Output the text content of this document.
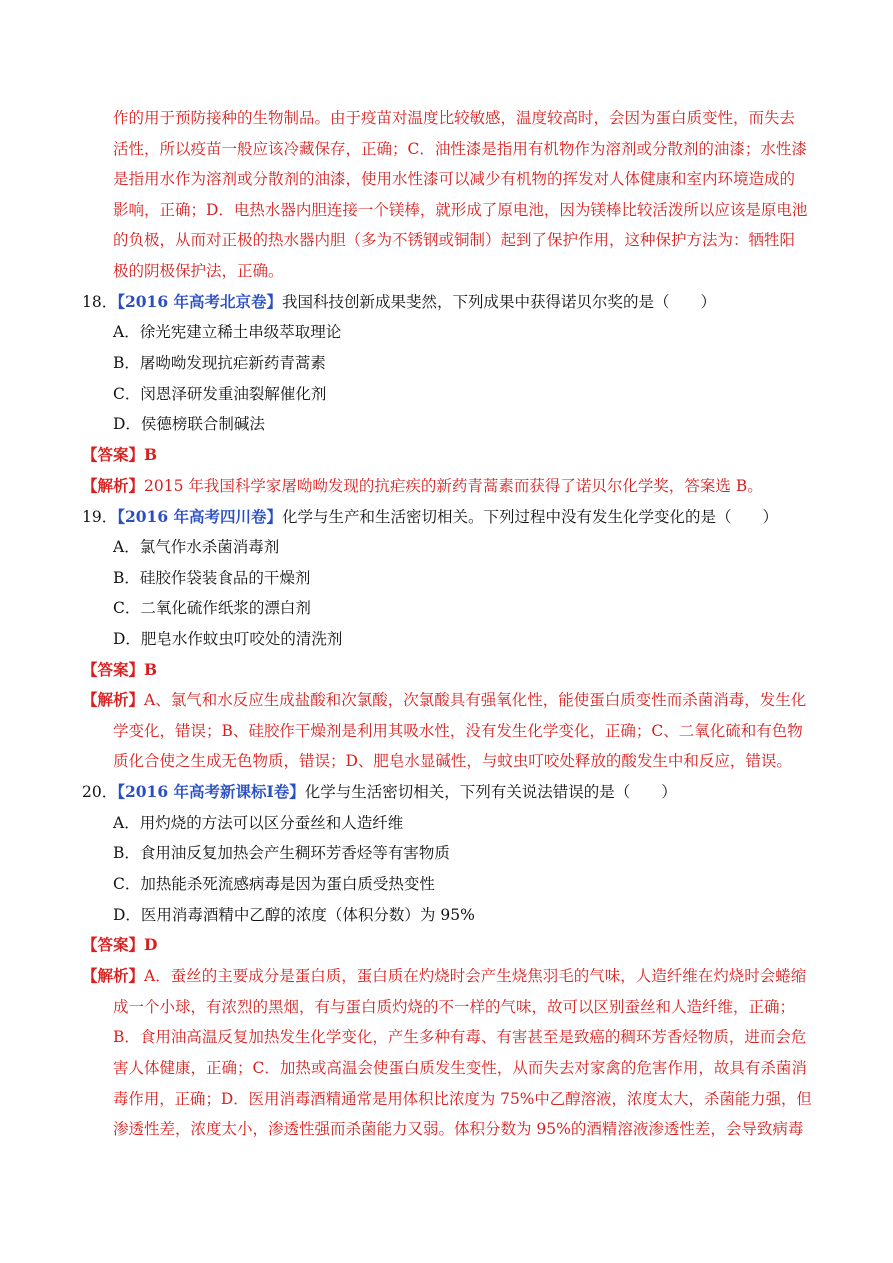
作的用于预防接种的生物制品。由于疫苗对温度比较敏感，温度较高时，会因为蛋白质变性，而失去
活性，所以疫苗一般应该冷藏保存，正确；C．油性漆是指用有机物作为溶剂或分散剂的油漆；水性漆
是指用水作为溶剂或分散剂的油漆，使用水性漆可以减少有机物的挥发对人体健康和室内环境造成的
影响，正确；D．电热水器内胆连接一个镁棒，就形成了原电池，因为镁棒比较活泼所以应该是原电池
的负极，从而对正极的热水器内胆（多为不锈钢或铜制）起到了保护作用，这种保护方法为：牺牲阳
极的阴极保护法，正确。
18．【2016 年高考北京卷】我国科技创新成果斐然，下列成果中获得诺贝尔奖的是（　　）
A．徐光宪建立稀土串级萃取理论
B．屠呦呦发现抗疟新药青蒿素
C．闵恩泽研发重油裂解催化剂
D．侯德榜联合制碱法
【答案】B
【解析】2015 年我国科学家屠呦呦发现的抗疟疾的新药青蒿素而获得了诺贝尔化学奖，答案选 B。
19．【2016 年高考四川卷】化学与生产和生活密切相关。下列过程中没有发生化学变化的是（　　）
A．氯气作水杀菌消毒剂
B．硅胶作袋装食品的干燥剂
C．二氧化硫作纸浆的漂白剂
D．肥皂水作蚊虫叮咬处的清洗剂
【答案】B
【解析】A、氯气和水反应生成盐酸和次氯酸，次氯酸具有强氧化性，能使蛋白质变性而杀菌消毒，发生化
学变化，错误；B、硅胶作干燥剂是利用其吸水性，没有发生化学变化，正确；C、二氧化硫和有色物
质化合使之生成无色物质，错误；D、肥皂水显碱性，与蚊虫叮咬处释放的酸发生中和反应，错误。
20．【2016 年高考新课标Ⅰ卷】化学与生活密切相关，下列有关说法错误的是（　　）
A．用灼烧的方法可以区分蚕丝和人造纤维
B．食用油反复加热会产生稠环芳香烃等有害物质
C．加热能杀死流感病毒是因为蛋白质受热变性
D．医用消毒酒精中乙醇的浓度（体积分数）为 95%
【答案】D
【解析】A．蚕丝的主要成分是蛋白质，蛋白质在灼烧时会产生烧焦羽毛的气味，人造纤维在灼烧时会蜷缩
成一个小球，有浓烈的黑烟，有与蛋白质灼烧的不一样的气味，故可以区别蚕丝和人造纤维，正确；
B．食用油高温反复加热发生化学变化，产生多种有毒、有害甚至是致癌的稠环芳香烃物质，进而会危
害人体健康，正确；C．加热或高温会使蛋白质发生变性，从而失去对家禽的危害作用，故具有杀菌消
毒作用，正确；D．医用消毒酒精通常是用体积比浓度为 75%中乙醇溶液，浓度太大，杀菌能力强，但
渗透性差，浓度太小，渗透性强而杀菌能力又弱。体积分数为 95%的酒精溶液渗透性差，会导致病毒
